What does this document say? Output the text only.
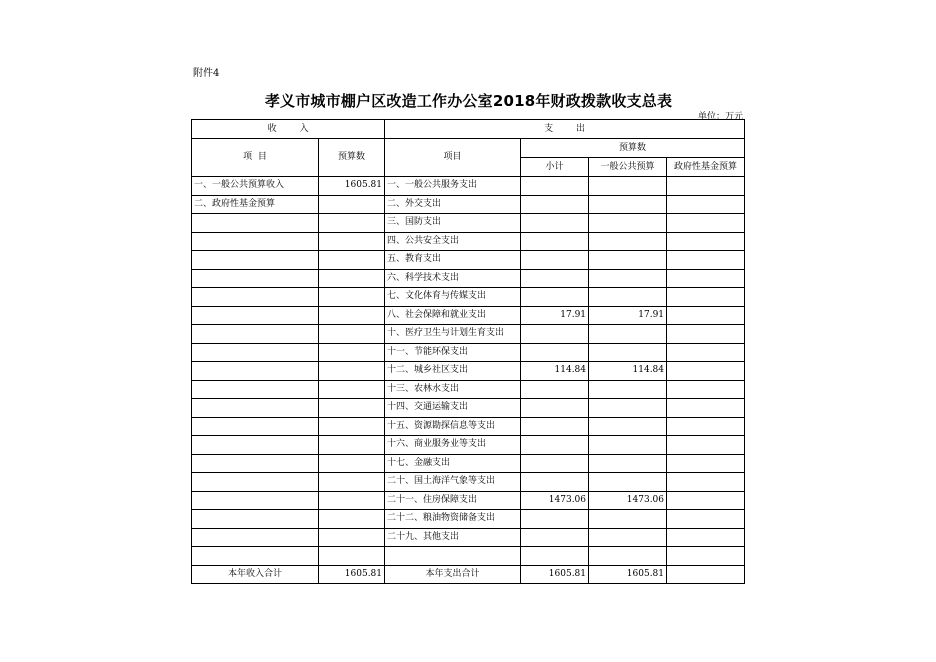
附件4
孝义市城市棚户区改造工作办公室2018年财政拨款收支总表
单位：万元
收        入		支        出			
项  目	预算数	项目	预算数		
			小计	一般公共预算	政府性基金预算
一、一般公共预算收入	1605.81	一、一般公共服务支出			
二、政府性基金预算		二、外交支出			
		三、国防支出			
		四、公共安全支出			
		五、教育支出			
		六、科学技术支出			
		七、文化体育与传媒支出			
		八、社会保障和就业支出	17.91	17.91	
		十、医疗卫生与计划生育支出			
		十一、节能环保支出			
		十二、城乡社区支出	114.84	114.84	
		十三、农林水支出			
		十四、交通运输支出			
		十五、资源勘探信息等支出			
		十六、商业服务业等支出			
		十七、金融支出			
		二十、国土海洋气象等支出			
		二十一、住房保障支出	1473.06	1473.06	
		二十二、粮油物资储备支出			
		二十九、其他支出			

本年收入合计	1605.81	本年支出合计	1605.81	1605.81	
